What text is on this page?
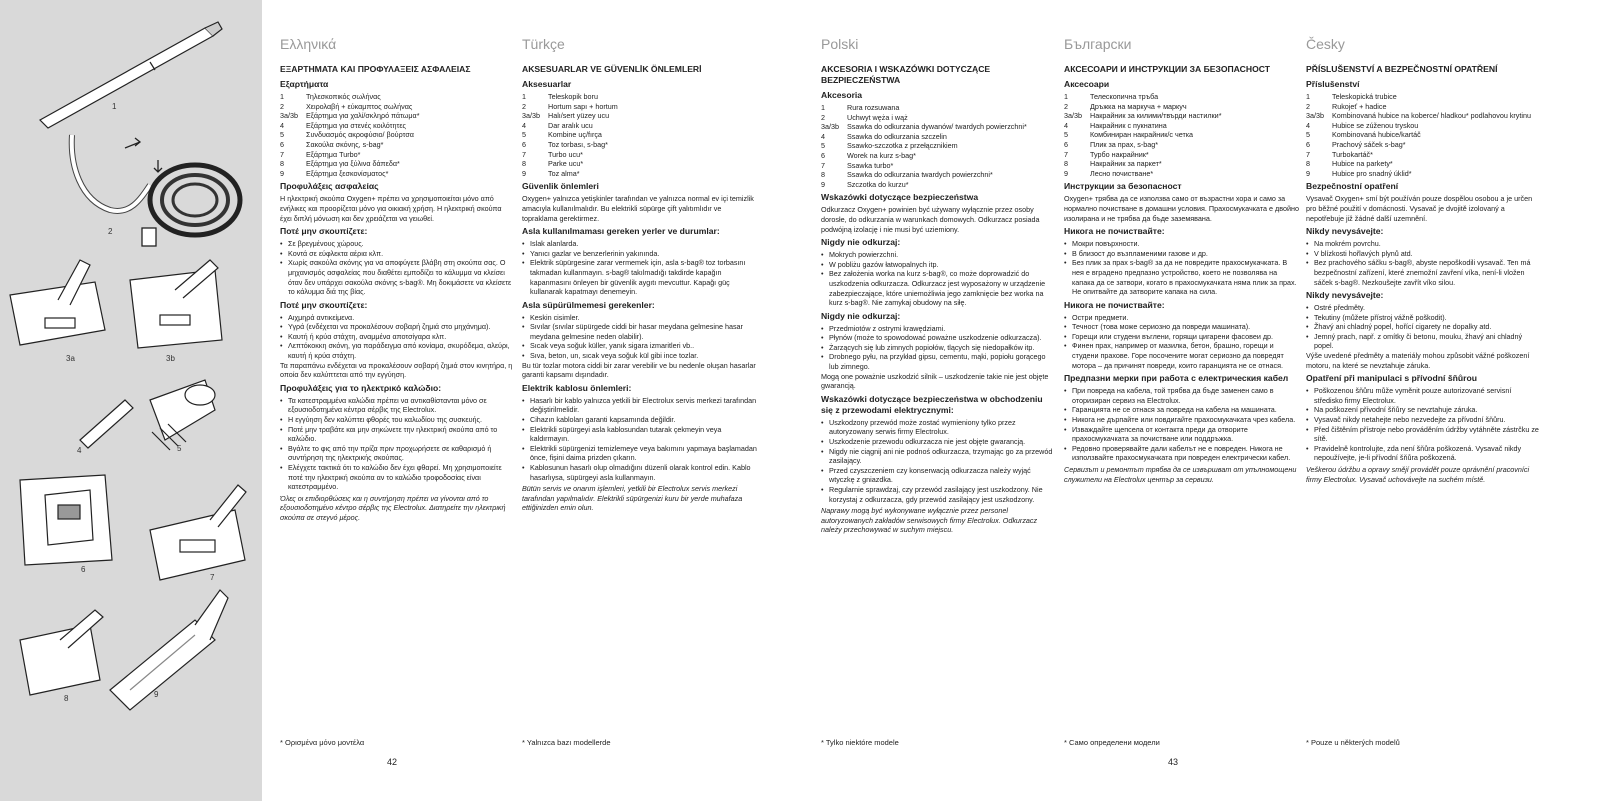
1
2
3a	3b
4	5
6
7
8	9
Ελληνικά
ΕΞΑΡΤΗΜΑΤΑ ΚΑΙ ΠΡΟΦΥΛΑΞΕΙΣ ΑΣΦΑΛΕΙΑΣ
Εξαρτήματα
1	Τηλεσκοπικός σωλήνας
2	Χειρολαβή + εύκαμπτος σωλήνας
3a/3b	Εξάρτημα για χαλί/σκληρό πάτωμα*
4	Εξάρτημα για στενές κοιλότητες
5	Συνδυασμός ακροφύσιο/ βούρτσα
6	Σακούλα σκόνης, s-bag*
7	Εξάρτημα Turbo*
8	Εξάρτημα για ξύλινα δάπεδα*
9	Εξάρτημα ξεσκονίσματος*
Προφυλάξεις ασφαλείας
Η ηλεκτρική σκούπα Oxygen+ πρέπει να χρησιμοποιείται μόνο από ενήλικες και προορίζεται μόνο για οικιακή χρήση. Η ηλεκτρική σκούπα έχει διπλή μόνωση και δεν χρειάζεται να γειωθεί.
Ποτέ μην σκουπίζετε:
• Σε βρεγμένους χώρους.
• Κοντά σε εύφλεκτα αέρια κλπ.
• Χωρίς σακούλα σκόνης για να αποφύγετε βλάβη στη σκούπα σας. Ο μηχανισμός ασφαλείας που διαθέτει εμποδίζει το κάλυμμα να κλείσει όταν δεν υπάρχει σακούλα σκόνης s-bag®. Μη δοκιμάσετε να κλείσετε το κάλυμμα διά της βίας.
Ποτέ μην σκουπίζετε:
• Αιχμηρά αντικείμενα.
• Υγρά (ενδέχεται να προκαλέσουν σοβαρή ζημιά στο μηχάνημα).
• Καυτή ή κρύα στάχτη, αναμμένα αποτσίγαρα κλπ.
• Λεπτόκοκκη σκόνη, για παράδειγμα από κονίαμα, σκυρόδεμα, αλεύρι, καυτή ή κρύα στάχτη.
Τα παραπάνω ενδέχεται να προκαλέσουν σοβαρή ζημιά στον κινητήρα, η οποία δεν καλύπτεται από την εγγύηση.
Προφυλάξεις για το ηλεκτρικό καλώδιο:
• Τα κατεστραμμένα καλώδια πρέπει να αντικαθίστανται μόνο σε εξουσιοδοτημένα κέντρα σέρβις της Electrolux.
• Η εγγύηση δεν καλύπτει φθορές του καλωδίου της συσκευής.
• Ποτέ μην τραβάτε και μην σηκώνετε την ηλεκτρική σκούπα από το καλώδιο.
• Βγάλτε το φις από την πρίζα πριν προχωρήσετε σε καθαρισμό ή συντήρηση της ηλεκτρικής σκούπας.
• Ελέγχετε τακτικά ότι το καλώδιο δεν έχει φθαρεί. Μη χρησιμοποιείτε ποτέ την ηλεκτρική σκούπα αν το καλώδιο τροφοδοσίας είναι κατεστραμμένο.
Όλες οι επιδιορθώσεις και η συντήρηση πρέπει να γίνονται από το εξουσιοδοτημένο κέντρο σέρβις της Electrolux. Διατηρείτε την ηλεκτρική σκούπα σε στεγνό μέρος.
Türkçe
AKSESUARLAR VE GÜVENLİK ÖNLEMLERİ
Aksesuarlar
1	Teleskopik boru
2	Hortum sapı + hortum
3a/3b	Halı/sert yüzey ucu
4	Dar aralık ucu
5	Kombine uç/fırça
6	Toz torbası, s-bag*
7	Turbo ucu*
8	Parke ucu*
9	Toz alma*
Güvenlik önlemleri
Oxygen+ yalnızca yetişkinler tarafından ve yalnızca normal ev içi temizlik amacıyla kullanılmalıdır. Bu elektrikli süpürge çift yalıtımlıdır ve topraklama gerektirmez.
Asla kullanılmaması gereken yerler ve durumlar:
• Islak alanlarda.
• Yanıcı gazlar ve benzerlerinin yakınında.
• Elektrik süpürgesine zarar vermemek için, asla s-bag® toz torbasını takmadan kullanmayın. s-bag® takılmadığı takdirde kapağın kapanmasını önleyen bir güvenlik aygıtı mevcuttur. Kapağı güç kullanarak kapatmayı denemeyin.
Asla süpürülmemesi gerekenler:
• Keskin cisimler.
• Sıvılar (sıvılar süpürgede ciddi bir hasar meydana gelmesine hasar meydana gelmesine neden olabilir).
• Sıcak veya soğuk küller, yanık sigara izmaritleri vb..
• Sıva, beton, un, sıcak veya soğuk kül gibi ince tozlar.
Bu tür tozlar motora ciddi bir zarar verebilir ve bu nedenle oluşan hasarlar garanti kapsamı dışındadır.
Elektrik kablosu önlemleri:
• Hasarlı bir kablo yalnızca yetkili bir Electrolux servis merkezi tarafından değiştirilmelidir.
• Cihazın kabloları garanti kapsamında değildir.
• Elektrikli süpürgeyi asla kablosundan tutarak çekmeyin veya kaldırmayın.
• Elektrikli süpürgenizi temizlemeye veya bakımını yapmaya başlamadan önce, fişini daima prizden çıkarın.
• Kablosunun hasarlı olup olmadığını düzenli olarak kontrol edin. Kablo hasarlıysa, süpürgeyi asla kullanmayın.
Bütün servis ve onarım işlemleri, yetkili bir Electrolux servis merkezi tarafından yapılmalıdır. Elektrikli süpürgenizi kuru bir yerde muhafaza ettiğinizden emin olun.
Polski
AKCESORIA I WSKAZÓWKI DOTYCZĄCE BEZPIECZEŃSTWA
Akcesoria
1	Rura rozsuwana
2	Uchwyt węża i wąż
3a/3b	Ssawka do odkurzania dywanów/ twardych powierzchni*
4	Ssawka do odkurzania szczelin
5	Ssawko-szczotka z przełącznikiem
6	Worek na kurz s-bag*
7	Ssawka turbo*
8	Ssawka do odkurzania twardych powierzchni*
9	Szczotka do kurzu*
Wskazówki dotyczące bezpieczeństwa
Odkurzacz Oxygen+ powinien być używany wyłącznie przez osoby dorosłe, do odkurzania w warunkach domowych. Odkurzacz posiada podwójną izolację i nie musi być uziemiony.
Nigdy nie odkurzaj:
• Mokrych powierzchni.
• W pobliżu gazów łatwopalnych itp.
• Bez założenia worka na kurz s-bag®, co może doprowadzić do uszkodzenia odkurzacza. Odkurzacz jest wyposażony w urządzenie zabezpieczające, które uniemożliwia jego zamknięcie bez worka na kurz s-bag®. Nie zamykaj obudowy na siłę.
Nigdy nie odkurzaj:
• Przedmiotów z ostrymi krawędziami.
• Płynów (może to spowodować poważne uszkodzenie odkurzacza).
• Żarzących się lub zimnych popiołów, tlących się niedopałków itp.
• Drobnego pyłu, na przykład gipsu, cementu, mąki, popiołu gorącego lub zimnego.
Mogą one poważnie uszkodzić silnik – uszkodzenie takie nie jest objęte gwarancją.
Wskazówki dotyczące bezpieczeństwa w obchodzeniu się z przewodami elektrycznymi:
• Uszkodzony przewód może zostać wymieniony tylko przez autoryzowany serwis firmy Electrolux.
• Uszkodzenie przewodu odkurzacza nie jest objęte gwarancją.
• Nigdy nie ciągnij ani nie podnoś odkurzacza, trzymając go za przewód zasilający.
• Przed czyszczeniem czy konserwacją odkurzacza należy wyjąć wtyczkę z gniazdka.
• Regularnie sprawdzaj, czy przewód zasilający jest uszkodzony. Nie korzystaj z odkurzacza, gdy przewód zasilający jest uszkodzony.
Naprawy mogą być wykonywane wyłącznie przez personel autoryzowanych zakładów serwisowych firmy Electrolux. Odkurzacz należy przechowywać w suchym miejscu.
Български
АКСЕСОАРИ И ИНСТРУКЦИИ ЗА БЕЗОПАСНОСТ
Аксесоари
1	Телескопична тръба
2	Дръжка на маркуча + маркуч
3a/3b	Накрайник за килими/твърди настилки*
4	Накрайник с пукнатина
5	Комбиниран накрайник/с четка
6	Плик за прах, s-bag*
7	Турбо накрайник*
8	Накрайник за паркет*
9	Лесно почистване*
Инструкции за безопасност
Oxygen+ трябва да се използва само от възрастни хора и само за нормално почистване в домашни условия. Прахосмукачката е двойно изолирана и не трябва да бъде заземявана.
Никога не почиствайте:
• Мокри повърхности.
• В близост до възпламеними газове и др.
• Без плик за прах s-bag® за да не повредите прахосмукачката. В нея е вградено предпазно устройство, което не позволява на капака да се затвори, когато в прахосмукачката няма плик за прах. Не опитвайте да затворите капака на сила.
Никога не почиствайте:
• Остри предмети.
• Течност (това може сериозно да повреди машината).
• Горещи или студени въглени, горящи цигарени фасовеи др.
• Финен прах, например от мазилка, бетон, брашно, горещи и студени прахове. Горе посочените могат сериозно да повредят мотора – да причинят повреди, които гаранцията не се отнася.
Предпазни мерки при работа с електрическия кабел
• При повреда на кабела, той трябва да бъде заменен само в оторизиран сервиз на Electrolux.
• Гаранцията не се отнася за повреда на кабела на машината.
• Никога не дърпайте или повдигайте прахосмукачката чрез кабела.
• Изваждайте щепсела от контакта преди да отворите прахосмукачката за почистване или поддръжка.
• Редовно проверявайте дали кабелът не е повреден. Никога не използвайте прахосмукачката при повреден електрически кабел.
Сервизът и ремонтът трябва да се извършват от упълномощени служители на Electrolux център за сервизи.
Česky
PŘÍSLUŠENSTVÍ A BEZPEČNOSTNÍ OPATŘENÍ
Příslušenství
1	Teleskopická trubice
2	Rukojeť + hadice
3a/3b	Kombinovaná hubice na koberce/ hladkou* podlahovou krytinu
4	Hubice se zúženou tryskou
5	Kombinovaná hubice/kartáč
6	Prachový sáček s-bag*
7	Turbokartáč*
8	Hubice na parkety*
9	Hubice pro snadný úklid*
Bezpečnostní opatření
Vysavač Oxygen+ smí být používán pouze dospělou osobou a je určen pro běžné použití v domácnosti. Vysavač je dvojitě izolovaný a nepotřebuje již žádné další uzemnění.
Nikdy nevysávejte:
• Na mokrém povrchu.
• V blízkosti hořlavých plynů atd.
• Bez prachového sáčku s-bag®, abyste nepoškodili vysavač. Ten má bezpečnostní zařízení, které znemožní zavření víka, není-li vložen sáček s-bag®. Nezkoušejte zavřít víko silou.
Nikdy nevysávejte:
• Ostré předměty.
• Tekutiny (můžete přístroj vážně poškodit).
• Žhavý ani chladný popel, hořící cigarety ne dopalky atd.
• Jemný prach, např. z omítky či betonu, mouku, žhavý ani chladný popel.
Výše uvedené předměty a materiály mohou způsobit vážné poškození motoru, na které se nevztahuje záruka.
Opatření při manipulaci s přívodní šňůrou
• Poškozenou šňůru může vyměnit pouze autorizované servisní středisko firmy Electrolux.
• Na poškození přívodní šňůry se nevztahuje záruka.
• Vysavač nikdy netahejte nebo nezvedejte za přívodní šňůru.
• Před čištěním přístroje nebo prováděním údržby vytáhněte zástrčku ze sítě.
• Pravidelně kontrolujte, zda není šňůra poškozená. Vysavač nikdy nepoužívejte, je-li přívodní šňůra poškozená.
Veškerou údržbu a opravy smějí provádět pouze oprávnění pracovníci firmy Electrolux. Vysavač uchovávejte na suchém místě.
* Ορισμένα μόνο μοντέλα	* Yalnızca bazı modellerde	* Tylko niektóre modele	* Само определени модели	* Pouze u některých modelů
42	43
